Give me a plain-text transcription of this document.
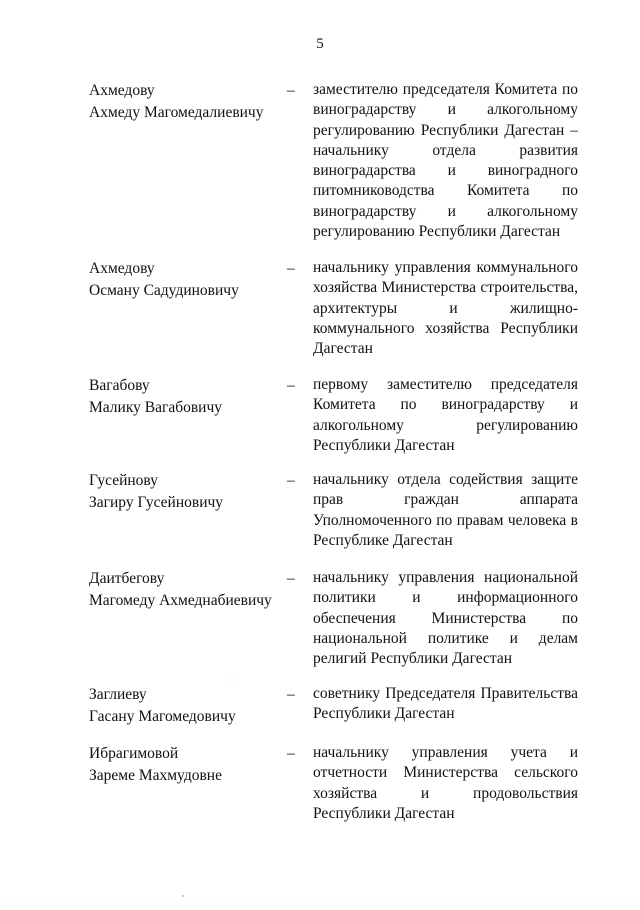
5
Ахмедову
Ахмеду Магомедалиевичу
– заместителю председателя Комитета по виноградарству и алкогольному регулированию Республики Дагестан – начальнику отдела развития виноградарства и виноградного питомниководства Комитета по виноградарству и алкогольному регулированию Республики Дагестан
Ахмедову
Осману Садудиновичу
– начальнику управления коммунального хозяйства Министерства строительства, архитектуры и жилищно-коммунального хозяйства Республики Дагестан
Вагабову
Малику Вагабовичу
– первому заместителю председателя Комитета по виноградарству и алкогольному регулированию Республики Дагестан
Гусейнову
Загиру Гусейновичу
– начальнику отдела содействия защите прав граждан аппарата Уполномоченного по правам человека в Республике Дагестан
Даитбегову
Магомеду Ахмеднабиевичу
– начальнику управления национальной политики и информационного обеспечения Министерства по национальной политике и делам религий Республики Дагестан
Заглиеву
Гасану Магомедовичу
– советнику Председателя Правительства Республики Дагестан
Ибрагимовой
Зареме Махмудовне
– начальнику управления учета и отчетности Министерства сельского хозяйства и продовольствия Республики Дагестан
